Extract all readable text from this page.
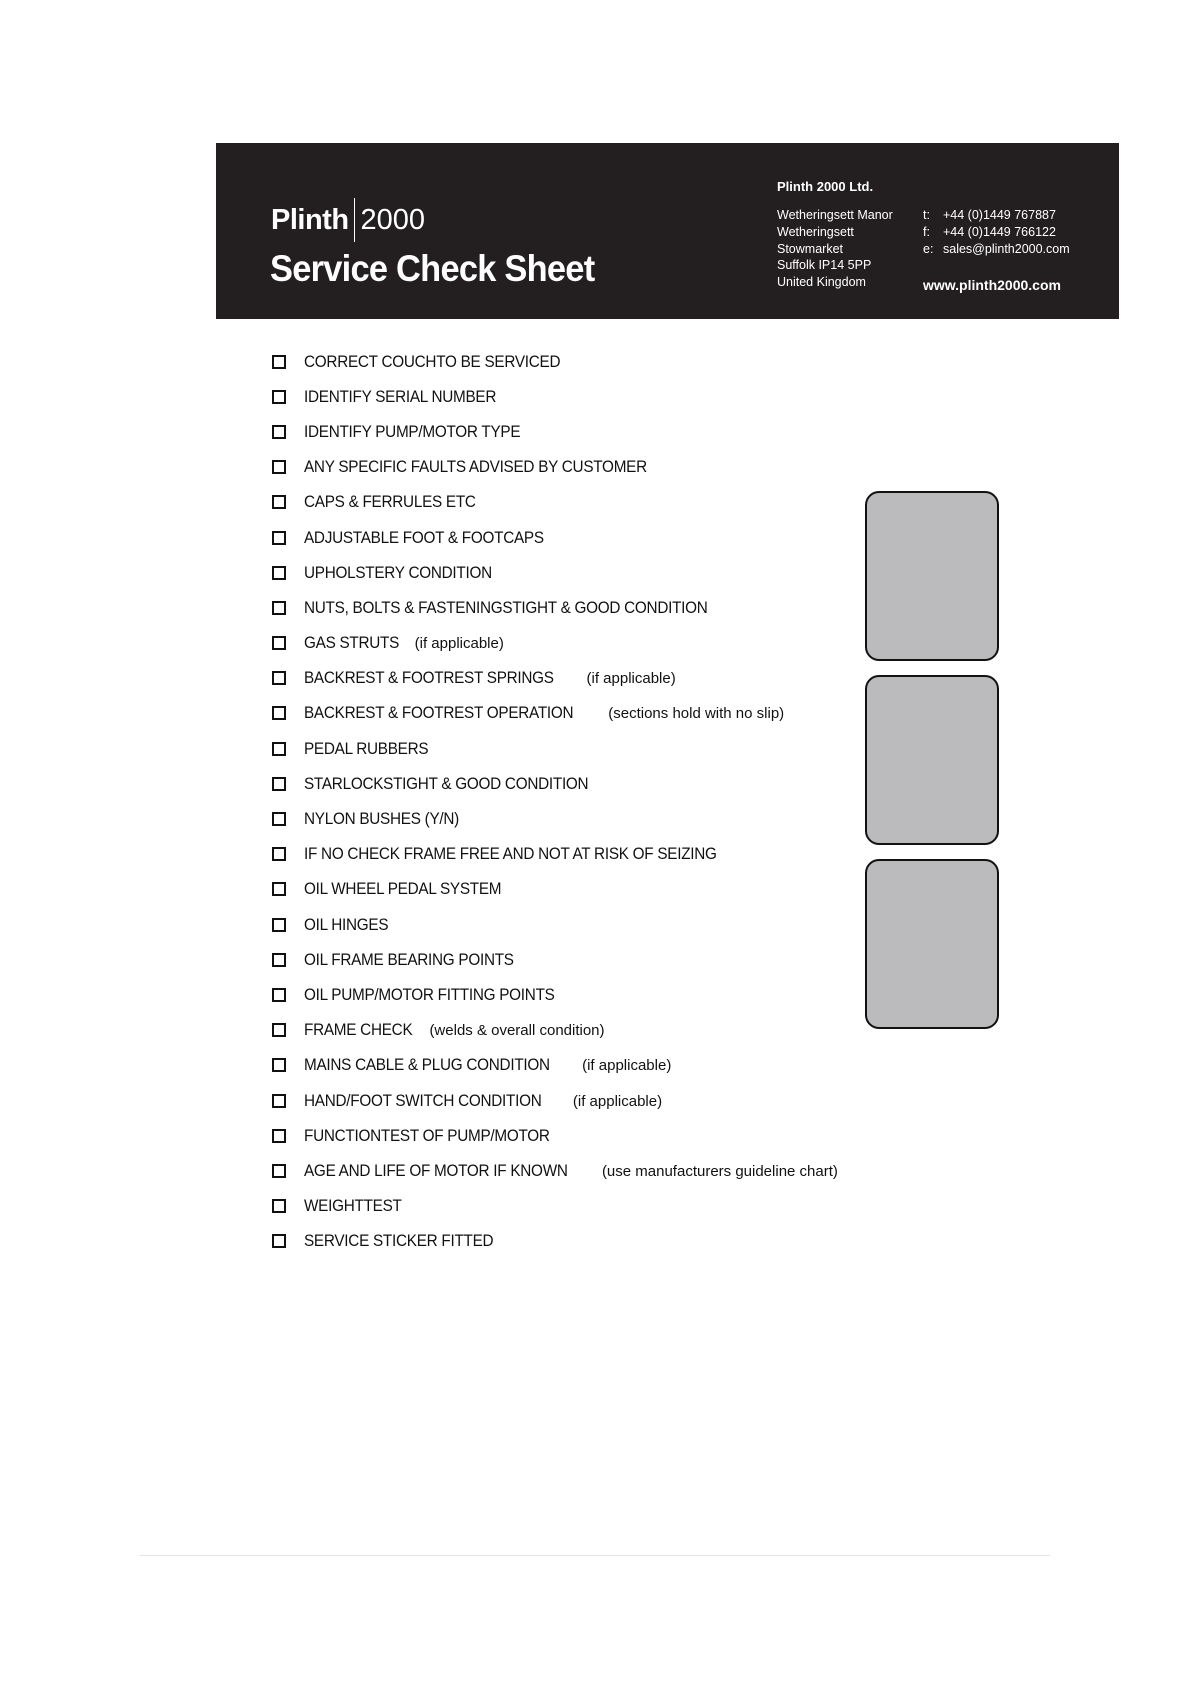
Plinth 2000
Service Check Sheet
Plinth 2000 Ltd.
Wetheringsett Manor
Wetheringsett
Stowmarket
Suffolk IP14 5PP
United Kingdom
t:	+44 (0)1449 767887
f:	+44 (0)1449 766122
e: sales@plinth2000.com
www.plinth2000.com
CORRECT COUCHTO BE SERVICED
IDENTIFY SERIAL NUMBER
IDENTIFY PUMP/MOTOR TYPE
ANY SPECIFIC FAULTS ADVISED BY CUSTOMER
CAPS & FERRULES ETC
ADJUSTABLE FOOT & FOOTCAPS
UPHOLSTERY CONDITION
NUTS, BOLTS & FASTENINGSTIGHT & GOOD CONDITION
GAS STRUTS (if applicable)
BACKREST & FOOTREST SPRINGS (if applicable)
BACKREST & FOOTREST OPERATION (sections hold with no slip)
PEDAL RUBBERS
STARLOCKSTIGHT & GOOD CONDITION
NYLON BUSHES (Y/N)
IF NO CHECK FRAME FREE AND NOT AT RISK OF SEIZING
OIL WHEEL PEDAL SYSTEM
OIL HINGES
OIL FRAME BEARING POINTS
OIL PUMP/MOTOR FITTING POINTS
FRAME CHECK (welds & overall condition)
MAINS CABLE & PLUG CONDITION (if applicable)
HAND/FOOT SWITCH CONDITION (if applicable)
FUNCTIONTEST OF PUMP/MOTOR
AGE AND LIFE OF MOTOR IF KNOWN (use manufacturers guideline chart)
WEIGHTTEST
SERVICE STICKER FITTED
